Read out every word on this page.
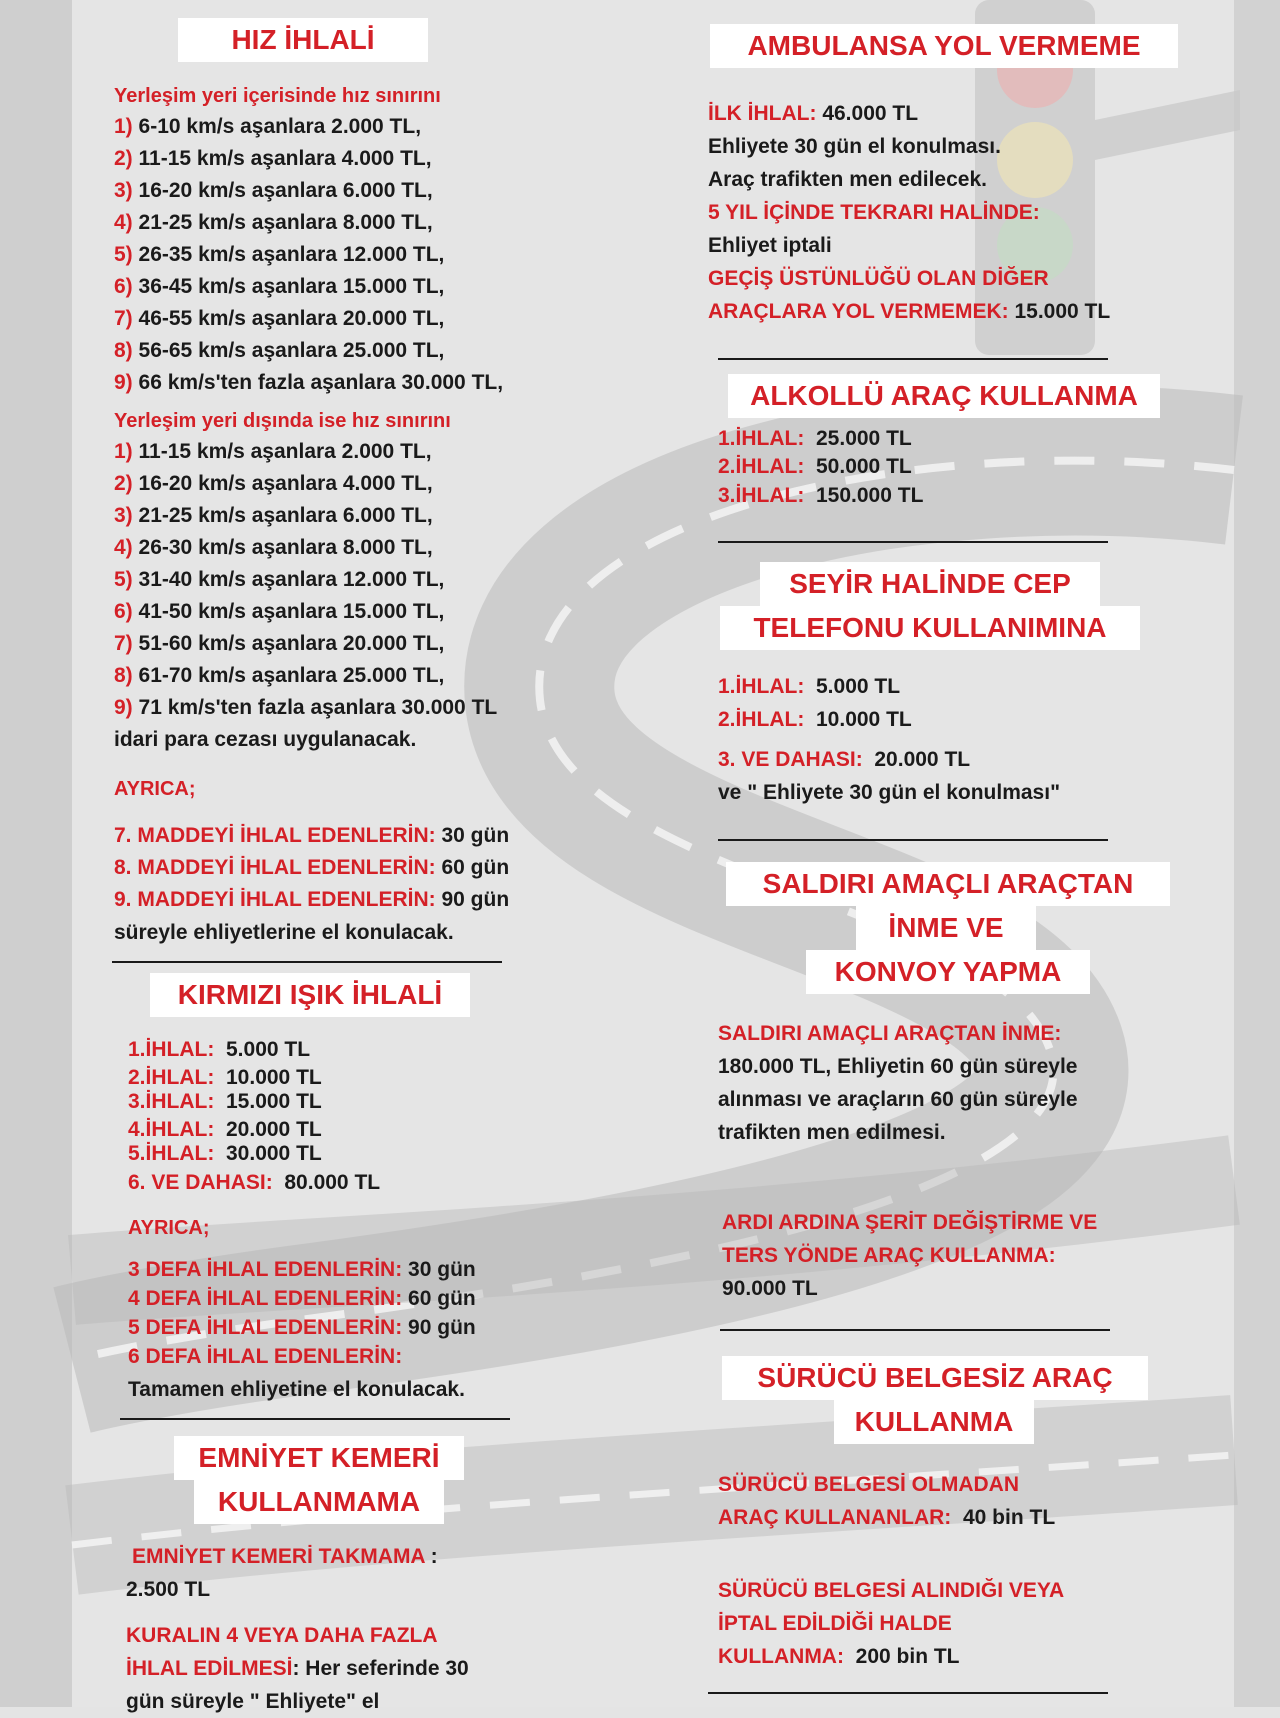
HIZ İHLALİ
Yerleşim yeri içerisinde hız sınırını
1) 6-10 km/s aşanlara 2.000 TL,
2) 11-15 km/s aşanlara 4.000 TL,
3) 16-20 km/s aşanlara 6.000 TL,
4) 21-25 km/s aşanlara 8.000 TL,
5) 26-35 km/s aşanlara 12.000 TL,
6) 36-45 km/s aşanlara 15.000 TL,
7) 46-55 km/s aşanlara 20.000 TL,
8) 56-65 km/s aşanlara 25.000 TL,
9) 66 km/s'ten fazla aşanlara 30.000 TL,
Yerleşim yeri dışında ise hız sınırını
1) 11-15 km/s aşanlara 2.000 TL,
2) 16-20 km/s aşanlara 4.000 TL,
3) 21-25 km/s aşanlara 6.000 TL,
4) 26-30 km/s aşanlara 8.000 TL,
5) 31-40 km/s aşanlara 12.000 TL,
6) 41-50 km/s aşanlara 15.000 TL,
7) 51-60 km/s aşanlara 20.000 TL,
8) 61-70 km/s aşanlara 25.000 TL,
9) 71 km/s'ten fazla aşanlara 30.000 TL
idari para cezası uygulanacak.
AYRICA;
7. MADDEYİ İHLAL EDENLERİN: 30 gün
8. MADDEYİ İHLAL EDENLERİN: 60 gün
9. MADDEYİ İHLAL EDENLERİN: 90 gün
süreyle ehliyetlerine el konulacak.
KIRMIZI IŞIK İHLALİ
1.İHLAL: 5.000 TL
2.İHLAL: 10.000 TL
3.İHLAL: 15.000 TL
4.İHLAL: 20.000 TL
5.İHLAL: 30.000 TL
6. VE DAHASI: 80.000 TL
AYRICA;
3 DEFA İHLAL EDENLERİN: 30 gün
4 DEFA İHLAL EDENLERİN: 60 gün
5 DEFA İHLAL EDENLERİN: 90 gün
6 DEFA İHLAL EDENLERİN:
Tamamen ehliyetine el konulacak.
EMNİYET KEMERİ
KULLANMAMA
EMNİYET KEMERİ TAKMAMA :
2.500 TL
KURALIN 4 VEYA DAHA FAZLA
İHLAL EDİLMESİ: Her seferinde 30
gün süreyle " Ehliyete" el
AMBULANSA YOL VERMEME
İLK İHLAL: 46.000 TL
Ehliyete 30 gün el konulması.
Araç trafikten men edilecek.
5 YIL İÇİNDE TEKRARI HALİNDE:
Ehliyet iptali
GEÇİŞ ÜSTÜNLÜĞÜ OLAN DİĞER
ARAÇLARA YOL VERMEMEK: 15.000 TL
ALKOLLÜ ARAÇ KULLANMA
1.İHLAL: 25.000 TL
2.İHLAL: 50.000 TL
3.İHLAL: 150.000 TL
SEYİR HALİNDE CEP
TELEFONU KULLANIMINA
1.İHLAL: 5.000 TL
2.İHLAL: 10.000 TL
3. VE DAHASI: 20.000 TL
ve " Ehliyete 30 gün el konulması"
SALDIRI AMAÇLI ARAÇTAN
İNME VE
KONVOY YAPMA
SALDIRI AMAÇLI ARAÇTAN İNME:
180.000 TL, Ehliyetin 60 gün süreyle
alınması ve araçların 60 gün süreyle
trafikten men edilmesi.
ARDI ARDINA ŞERİT DEĞİŞTİRME VE
TERS YÖNDE ARAÇ KULLANMA:
90.000 TL
SÜRÜCÜ BELGESİZ ARAÇ
KULLANMA
SÜRÜCÜ BELGESİ OLMADAN
ARAÇ KULLANANLAR: 40 bin TL
SÜRÜCÜ BELGESİ ALINDIĞI VEYA
İPTAL EDİLDİĞİ HALDE
KULLANMA: 200 bin TL
